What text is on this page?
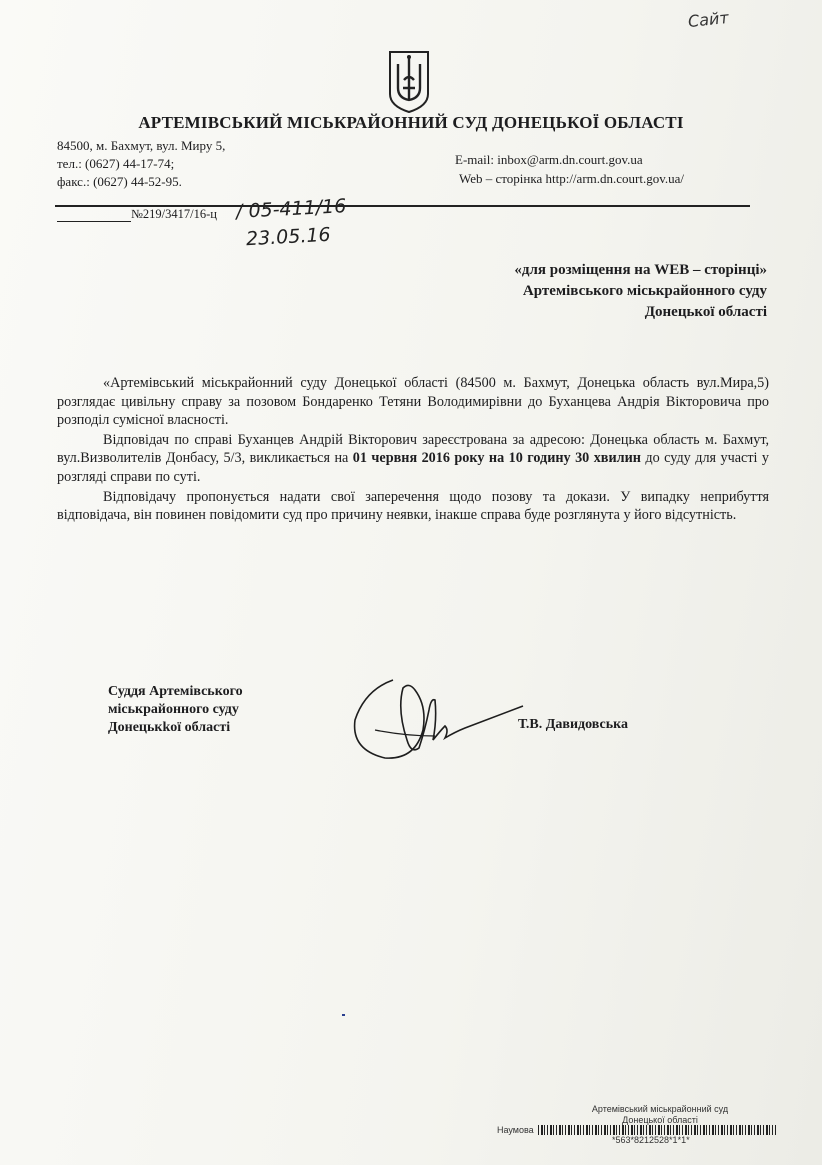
Сайт
АРТЕМІВСЬКИЙ МІСЬКРАЙОННИЙ СУД ДОНЕЦЬКОЇ ОБЛАСТІ
84500, м. Бахмут, вул. Миру 5,
тел.: (0627) 44-17-74;
факс.: (0627) 44-52-95.
E-mail: inbox@arm.dn.court.gov.ua
Web – сторінка http://arm.dn.court.gov.ua/
№219/3417/16-ц / 05-411/16
23.05.16
«для розміщення на WEB – сторінці»
Артемівського міськрайонного суду
Донецької області

«Артемівський міськрайонний суду Донецької області (84500 м. Бахмут, Донецька область вул.Мира,5) розглядає цивільну справу за позовом Бондаренко Тетяни Володимирівни до Буханцева Андрія Вікторовича про розподіл сумісної власності.

Відповідач по справі Буханцев Андрій Вікторович зареєстрована за адресою: Донецька область м. Бахмут, вул.Визволителів Донбасу, 5/3, викликається на 01 червня 2016 року на 10 годину 30 хвилин до суду для участі у розгляді справи по суті.

Відповідачу пропонується надати свої заперечення щодо позову та докази. У випадку неприбуття відповідача, він повинен повідомити суд про причину неявки, інакше справа буде розглянута у його відсутність.

Суддя Артемівського
міськрайонного суду
Донецькkої області	Т.В. Давидовська
Артемівський міськрайонний суд
Донецької області
Наумова
*563*8212528*1*1*
